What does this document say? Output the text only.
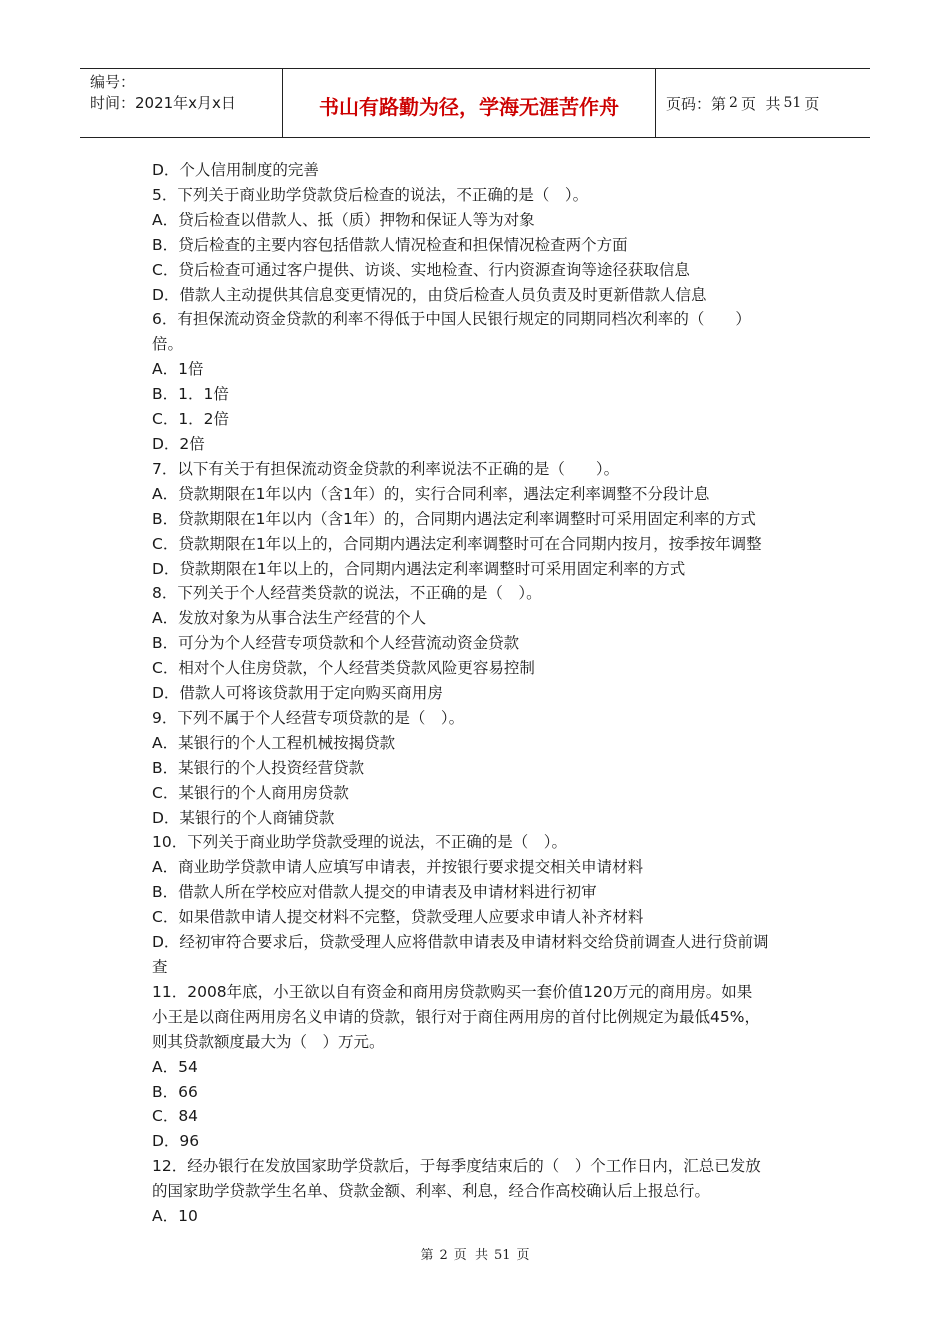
编号：
时间：2021年x月x日	书山有路勤为径，学海无涯苦作舟	页码：第 2 页  共 51 页

D．个人信用制度的完善

5．下列关于商业助学贷款贷后检查的说法，不正确的是（　）。

A．贷后检查以借款人、抵（质）押物和保证人等为对象

B．贷后检查的主要内容包括借款人情况检查和担保情况检查两个方面

C．贷后检查可通过客户提供、访谈、实地检查、行内资源查询等途径获取信息

D．借款人主动提供其信息变更情况的，由贷后检查人员负责及时更新借款人信息

6．有担保流动资金贷款的利率不得低于中国人民银行规定的同期同档次利率的（　　）

倍。

A．1倍

B．1．1倍

C．1．2倍

D．2倍

7．以下有关于有担保流动资金贷款的利率说法不正确的是（　　）。

A．贷款期限在1年以内（含1年）的，实行合同利率，遇法定利率调整不分段计息

B．贷款期限在1年以内（含1年）的，合同期内遇法定利率调整时可采用固定利率的方式

C．贷款期限在1年以上的，合同期内遇法定利率调整时可在合同期内按月，按季按年调整

D．贷款期限在1年以上的，合同期内遇法定利率调整时可采用固定利率的方式

8．下列关于个人经营类贷款的说法，不正确的是（　）。

A．发放对象为从事合法生产经营的个人

B．可分为个人经营专项贷款和个人经营流动资金贷款

C．相对个人住房贷款，个人经营类贷款风险更容易控制

D．借款人可将该贷款用于定向购买商用房

9．下列不属于个人经营专项贷款的是（　）。

A．某银行的个人工程机械按揭贷款

B．某银行的个人投资经营贷款

C．某银行的个人商用房贷款

D．某银行的个人商铺贷款

10．下列关于商业助学贷款受理的说法，不正确的是（　）。

A．商业助学贷款申请人应填写申请表，并按银行要求提交相关申请材料

B．借款人所在学校应对借款人提交的申请表及申请材料进行初审

C．如果借款申请人提交材料不完整，贷款受理人应要求申请人补齐材料

D．经初审符合要求后，贷款受理人应将借款申请表及申请材料交给贷前调查人进行贷前调

查

11．2008年底，小王欲以自有资金和商用房贷款购买一套价值120万元的商用房。如果

小王是以商住两用房名义申请的贷款，银行对于商住两用房的首付比例规定为最低45%，

则其贷款额度最大为（　）万元。

A．54

B．66

C．84

D．96

12．经办银行在发放国家助学贷款后，于每季度结束后的（　）个工作日内，汇总已发放

的国家助学贷款学生名单、贷款金额、利率、利息，经合作高校确认后上报总行。

A．10

第 2 页  共 51 页
